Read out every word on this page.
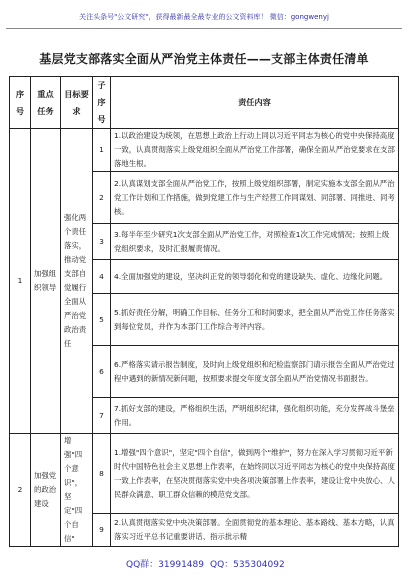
关注头条号"公文研究"，获得最新最全最专业的公文资料库！ 微信：gongwenyj
基层党支部落实全面从严治党主体责任——支部主体责任清单
序号	重点任务	目标要求	子序号	责任内容
1	加强组织领导	强化两个责任落实，推动党支部自觉履行全面从严治党政治责任	1	1.以政治建设为统领，在思想上政治上行动上同以习近平同志为核心的党中央保持高度一致，认真贯彻落实上级党组织全面从严治党工作部署，确保全面从严治党要求在支部落地生根。
			2	2.认真谋划支部全面从严治党工作，按照上级党组织部署，制定实施本支部全面从严治党工作计划和工作措施，做到党建工作与生产经营工作同谋划、同部署、同推进、同考核。
			3	3.每半年至少研究1次支部全面从严治党工作，对照检查1次工作完成情况；按照上级党组织要求，及时汇报履责情况。
			4	4.全面加强党的建设，坚决纠正党的领导弱化和党的建设缺失、虚化、边缘化问题。
			5	5.抓好责任分解，明确工作目标、任务分工和时间要求，把全面从严治党工作任务落实到每位党员，并作为本部门工作综合考评内容。
			6	6.严格落实请示报告制度，及时向上级党组织和纪检监察部门请示报告全面从严治党过程中遇到的新情况新问题，按照要求提交年度支部全面从严治党情况书面报告。
			7	7.抓好支部的建设，严格组织生活，严明组织纪律，强化组织功能，充分发挥战斗堡垒作用。
2	加强党的政治建设	增强"四个意识"，坚定"四个自信"	8	1.增强"四个意识"，坚定"四个自信"，做到两个"维护"，努力在深入学习贯彻习近平新时代中国特色社会主义思想上作表率，在始终同以习近平同志为核心的党中央保持高度一致上作表率，在坚决贯彻落实党中央各项决策部署上作表率，建设让党中央放心、人民群众满意、职工群众信赖的模范党支部。
			9	2.认真贯彻落实党中央决策部署。全面贯彻党的基本理论、基本路线、基本方略，认真落实习近平总书记重要讲话、指示批示精
QQ群：31991489 QQ：535304092
